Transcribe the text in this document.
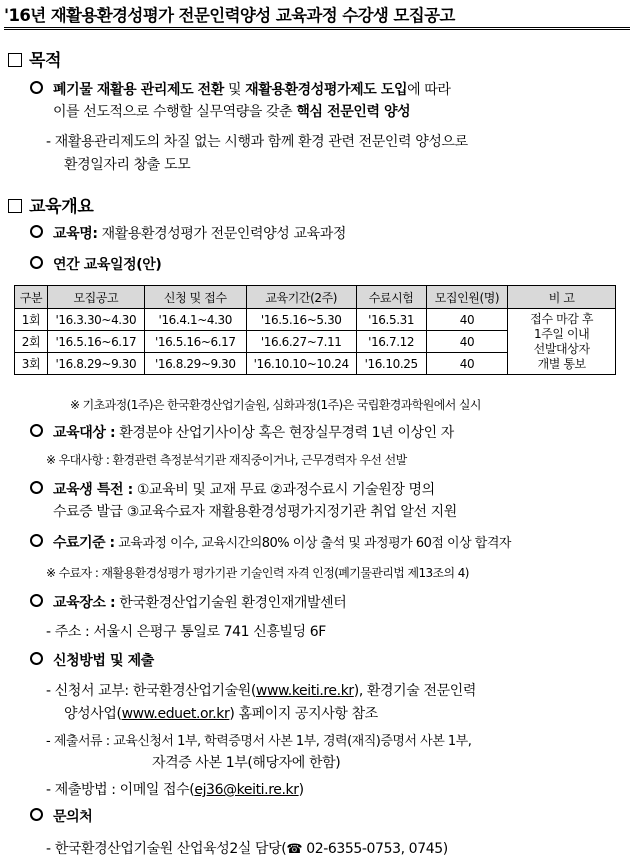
'16년 재활용환경성평가 전문인력양성 교육과정 수강생 모집공고
목적
폐기물 재활용 관리제도 전환 및 재활용환경성평가제도 도입에 따라
이를 선도적으로 수행할 실무역량을 갖춘 핵심 전문인력 양성
- 재활용관리제도의 차질 없는 시행과 함께 환경 관련 전문인력 양성으로
환경일자리 창출 도모
교육개요
교육명: 재활용환경성평가 전문인력양성 교육과정
연간 교육일정(안)
구분	모집공고	신청 및 접수	교육기간(2주)	수료시험	모집인원(명)	비 고
1회	'16.3.30~4.30	'16.4.1~4.30	'16.5.16~5.30	'16.5.31	40	접수 마감 후
1주일 이내
선발대상자
개별 통보

2회	'16.5.16~6.17	'16.5.16~6.17	'16.6.27~7.11	'16.7.12	40	
3회	'16.8.29~9.30	'16.8.29~9.30	'16.10.10~10.24	'16.10.25	40	
※ 기초과정(1주)은 한국환경산업기술원, 심화과정(1주)은 국립환경과학원에서 실시
교육대상 : 환경분야 산업기사이상 혹은 현장실무경력 1년 이상인 자
※ 우대사항 : 환경관련 측정분석기관 재직중이거나, 근무경력자 우선 선발
교육생 특전 : ①교육비 및 교재 무료 ②과정수료시 기술원장 명의
수료증 발급 ③교육수료자 재활용환경성평가지정기관 취업 알선 지원
수료기준 : 교육과정 이수, 교육시간의80% 이상 출석 및 과정평가 60점 이상 합격자
※ 수료자 : 재활용환경성평가 평가기관 기술인력 자격 인정(폐기물관리법 제13조의 4)
교육장소 : 한국환경산업기술원 환경인재개발센터
- 주소 : 서울시 은평구 통일로 741 신흥빌딩 6F
신청방법 및 제출
- 신청서 교부: 한국환경산업기술원(www.keiti.re.kr), 환경기술 전문인력
양성사업(www.eduet.or.kr) 홈페이지 공지사항 참조
- 제출서류 : 교육신청서 1부, 학력증명서 사본 1부, 경력(재직)증명서 사본 1부,
자격증 사본 1부(해당자에 한함)
- 제출방법 : 이메일 접수(ej36@keiti.re.kr)
문의처
- 한국환경산업기술원 산업육성2실 담당(☎ 02-6355-0753, 0745)
